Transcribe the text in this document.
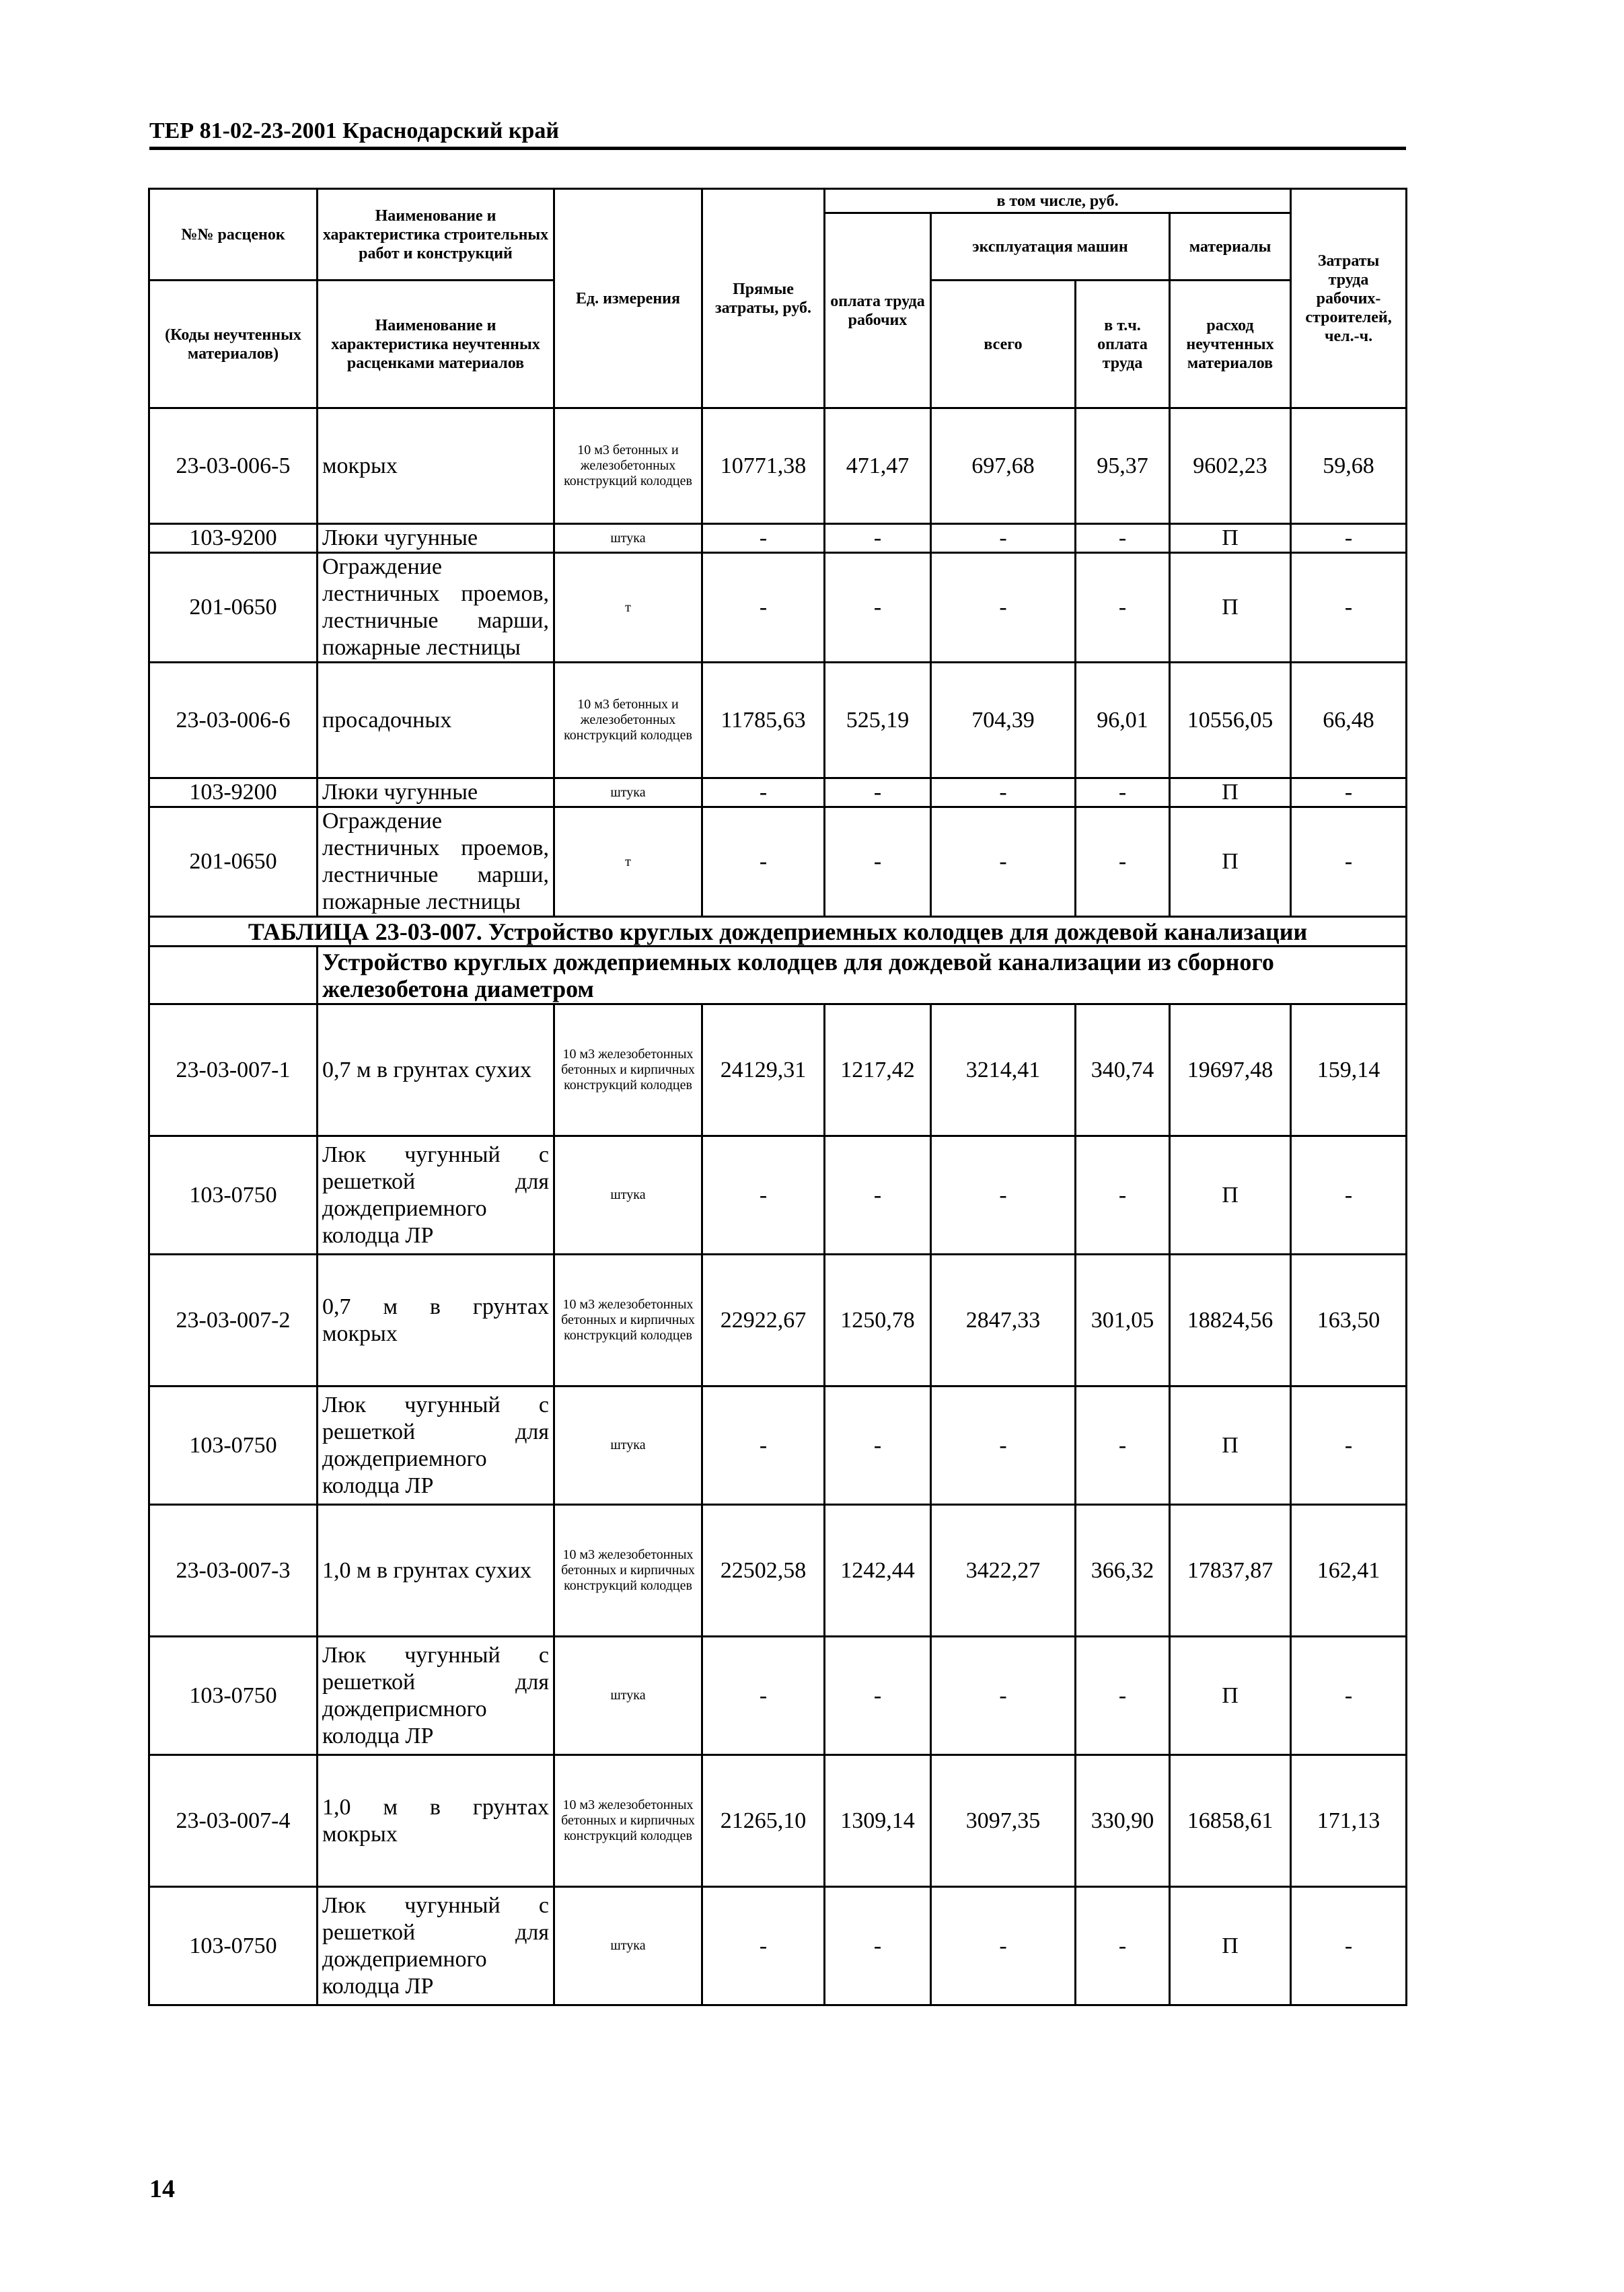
ТЕР 81-02-23-2001 Краснодарский край
№№ расценок	Наименование и характеристика строительных работ и конструкций	Ед. измерения	Прямые затраты, руб.	в том числе, руб.				Затраты труда рабочих-строителей, чел.-ч.
				оплата труда рабочих	эксплуатация машин		материалы	

(Коды неучтенных материалов)	Наименование и характеристика неучтенных расценками материалов				всего	в т.ч. оплата труда	расход неучтенных материалов	

23-03-006-5	мокрых	10 м3 бетонных и железобетонных конструкций колодцев	10771,38	471,47	697,68	95,37	9602,23	59,68
103-9200	Люки чугунные	штука	-	-	-	-	П	-
201-0650	Ограждение лестничных проемов, лестничные марши, пожарные лестницы	т	-	-	-	-	П	-
23-03-006-6	просадочных	10 м3 бетонных и железобетонных конструкций колодцев	11785,63	525,19	704,39	96,01	10556,05	66,48
103-9200	Люки чугунные	штука	-	-	-	-	П	-
201-0650	Ограждение лестничных проемов, лестничные марши, пожарные лестницы	т	-	-	-	-	П	-
ТАБЛИЦА 23-03-007. Устройство круглых дождеприемных колодцев для дождевой канализации								
	Устройство круглых дождеприемных колодцев для дождевой канализации из сборного железобетона диаметром							
23-03-007-1	0,7 м в грунтах сухих	10 м3 железобетонных бетонных и кирпичных конструкций колодцев	24129,31	1217,42	3214,41	340,74	19697,48	159,14
103-0750	Люк чугунный с решеткой для дождеприемного колодца ЛР	штука	-	-	-	-	П	-
23-03-007-2	0,7 м в грунтах мокрых	10 м3 железобетонных бетонных и кирпичных конструкций колодцев	22922,67	1250,78	2847,33	301,05	18824,56	163,50
103-0750	Люк чугунный с решеткой для дождеприемного колодца ЛР	штука	-	-	-	-	П	-
23-03-007-3	1,0 м в грунтах сухих	10 м3 железобетонных бетонных и кирпичных конструкций колодцев	22502,58	1242,44	3422,27	366,32	17837,87	162,41
103-0750	Люк чугунный с решеткой для дождеприсмного колодца ЛР	штука	-	-	-	-	П	-
23-03-007-4	1,0 м в грунтах мокрых	10 м3 железобетонных бетонных и кирпичных конструкций колодцев	21265,10	1309,14	3097,35	330,90	16858,61	171,13
103-0750	Люк чугунный с решеткой для дождеприемного колодца ЛР	штука	-	-	-	-	П	-
14
